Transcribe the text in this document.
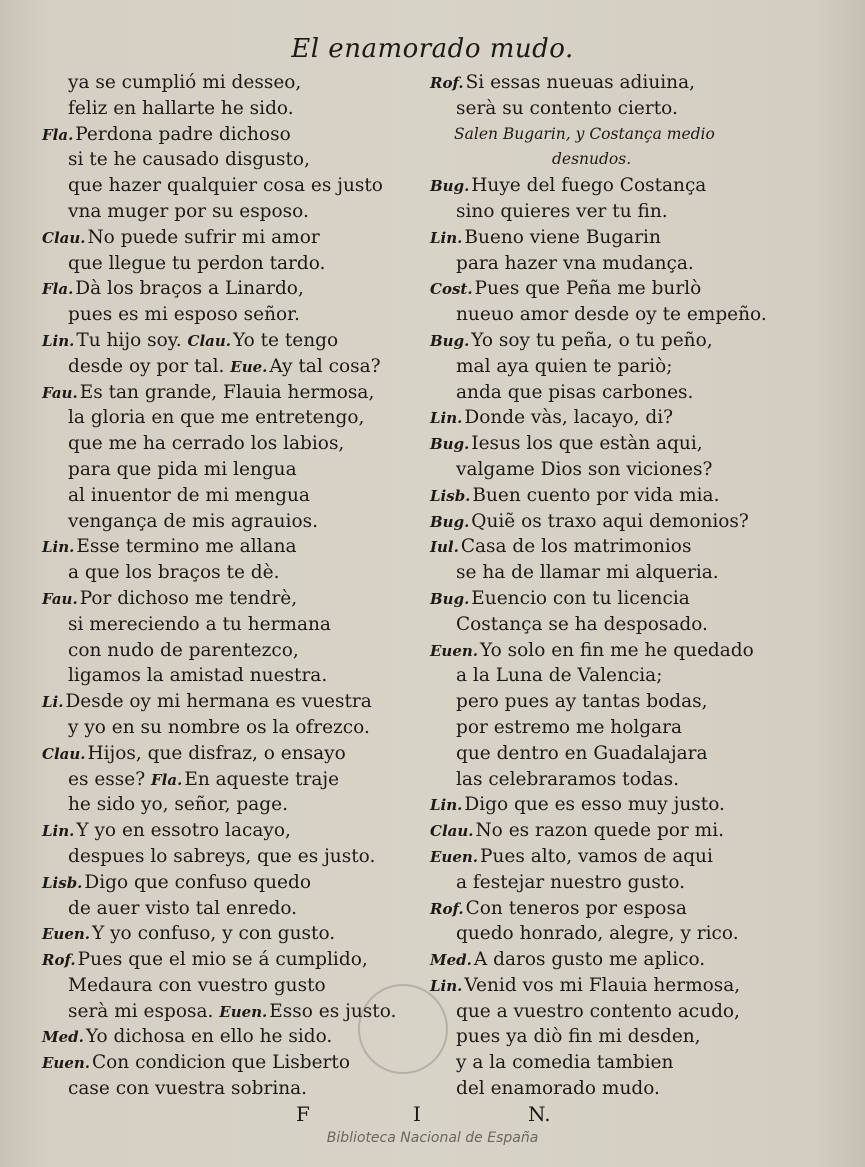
El enamorado mudo.
ya se cumplió mi desseo,
feliz en hallarte he sido.
Fla. Perdona padre dichoso
si te he causado disgusto,
que hazer qualquier cosa es justo
vna muger por su esposo.
Clau. No puede sufrir mi amor
que llegue tu perdon tardo.
Fla. Dà los braços a Linardo,
pues es mi esposo señor.
Lin. Tu hijo soy. Clau. Yo te tengo
desde oy por tal. Eue. Ay tal cosa?
Fau. Es tan grande, Flauia hermosa,
la gloria en que me entretengo,
que me ha cerrado los labios,
para que pida mi lengua
al inuentor de mi mengua
vengança de mis agrauios.
Lin. Esse termino me allana
a que los braços te dè.
Fau. Por dichoso me tendrè,
si mereciendo a tu hermana
con nudo de parentezco,
ligamos la amistad nuestra.
Li. Desde oy mi hermana es vuestra
y yo en su nombre os la ofrezco.
Clau. Hijos, que disfraz, o ensayo
es esse? Fla. En aqueste traje
he sido yo, señor, page.
Lin. Y yo en essotro lacayo,
despues lo sabreys, que es justo.
Lisb. Digo que confuso quedo
de auer visto tal enredo.
Euen. Y yo confuso, y con gusto.
Rof. Pues que el mio se á cumplido,
Medaura con vuestro gusto
serà mi esposa. Euen. Esso es justo.
Med. Yo dichosa en ello he sido.
Euen. Con condicion que Lisberto
case con vuestra sobrina.
Rof. Si essas nueuas adiuina,
serà su contento cierto.
Salen Bugarin, y Costança medio
desnudos.
Bug. Huye del fuego Costança
sino quieres ver tu fin.
Lin. Bueno viene Bugarin
para hazer vna mudança.
Cost. Pues que Peña me burlò
nueuo amor desde oy te empeño.
Bug. Yo soy tu peña, o tu peño,
mal aya quien te pariò;
anda que pisas carbones.
Lin. Donde vàs, lacayo, di?
Bug. Iesus los que estàn aqui,
valgame Dios son viciones?
Lisb. Buen cuento por vida mia.
Bug. Quiẽ os traxo aqui demonios?
Iul. Casa de los matrimonios
se ha de llamar mi alqueria.
Bug. Euencio con tu licencia
Costança se ha desposado.
Euen. Yo solo en fin me he quedado
a la Luna de Valencia;
pero pues ay tantas bodas,
por estremo me holgara
que dentro en Guadalajara
las celebraramos todas.
Lin. Digo que es esso muy justo.
Clau. No es razon quede por mi.
Euen. Pues alto, vamos de aqui
a festejar nuestro gusto.
Rof. Con teneros por esposa
quedo honrado, alegre, y rico.
Med. A daros gusto me aplico.
Lin. Venid vos mi Flauia hermosa,
que a vuestro contento acudo,
pues ya diò fin mi desden,
y a la comedia tambien
del enamorado mudo.
F	I	N.
Biblioteca Nacional de España
